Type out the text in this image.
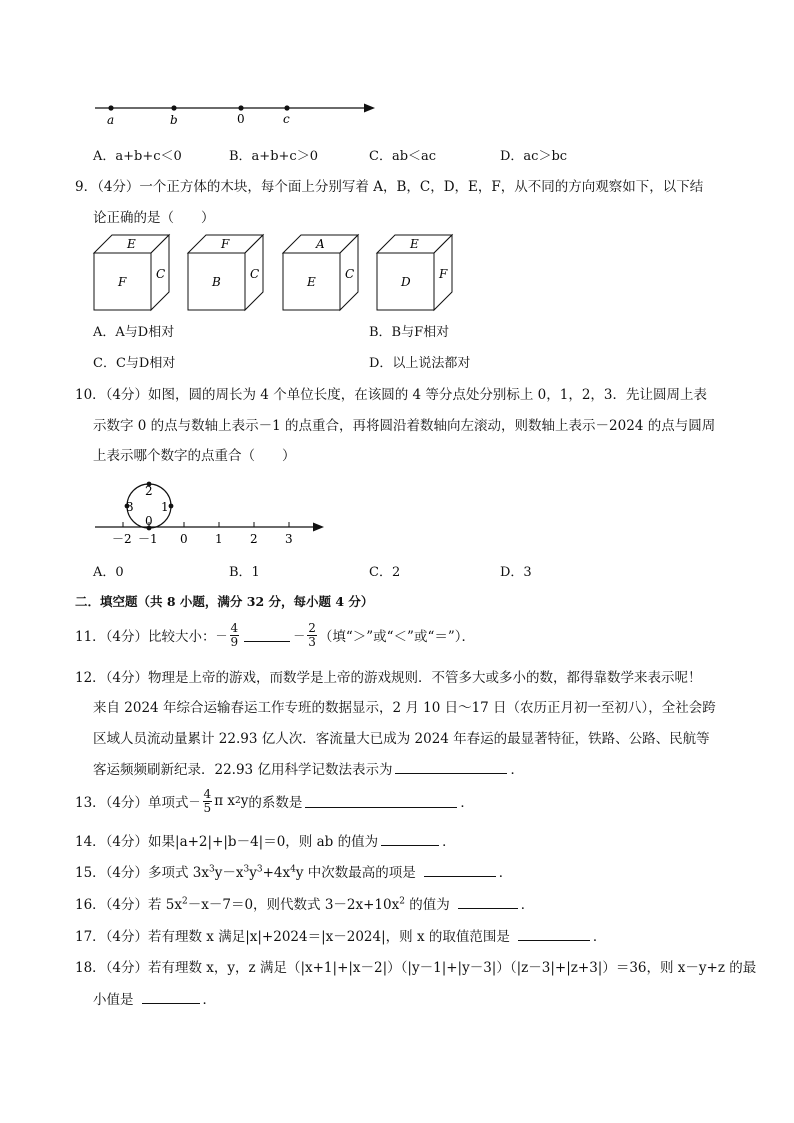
a	b	0	c
A．a+b+c＜0	B．a+b+c＞0	C．ab＜ac	D．ac＞bc
9．（4分）一个正方体的木块，每个面上分别写着 A，B，C，D，E，F，从不同的方向观察如下，以下结
论正确的是（　　）
E
F
C
F
B
C
A
E
C
E
D
F
A．A与D相对	B．B与F相对
C．C与D相对	D．以上说法都对
10．（4分）如图，圆的周长为 4 个单位长度，在该圆的 4 等分点处分别标上 0，1，2，3．先让圆周上表
示数字 0 的点与数轴上表示－1 的点重合，再将圆沿着数轴向左滚动，则数轴上表示－2024 的点与圆周
上表示哪个数字的点重合（　　）
0
1
2
3
－2 －1 0 1 2 3
A．0	B．1	C．2	D．3
二．填空题（共 8 小题，满分 32 分，每小题 4 分）
11．（4分）比较大小： － $\frac{4}{9}$	－ $\frac{2}{3}$ （填“＞”或“＜”或“＝”）．
12．（4分）物理是上帝的游戏，而数学是上帝的游戏规则．不管多大或多小的数，都得靠数学来表示呢！
来自 2024 年综合运输春运工作专班的数据显示，2 月 10 日～17 日（农历正月初一至初八），全社会跨
区域人员流动量累计 22.93 亿人次．客流量大已成为 2024 年春运的最显著特征，铁路、公路、民航等
客运频频刷新纪录．22.93 亿用科学记数法表示为	．
13．（4分）单项式 － $\frac{4}{5}$ π x 2 y 的系数是	．
14．（4分）如果|a+2|+|b－4|＝0，则 ab 的值为	．
15．（4分）多项式 $3x^3y-x^3y^3+4x^4y$ 中次数最高的项是	．
16．（4分）若 $5x^2-x-7=0$，则代数式 $3-2x+10x^2$ 的值为	．
17．（4分）若有理数 x 满足|x|+2024＝|x－2024|，则 x 的取值范围是	．
18．（4分）若有理数 x，y，z 满足（|x+1|+|x－2|）（|y－1|+|y－3|）（|z－3|+|z+3|）＝36，则 x－y+z 的最
小值是	．
